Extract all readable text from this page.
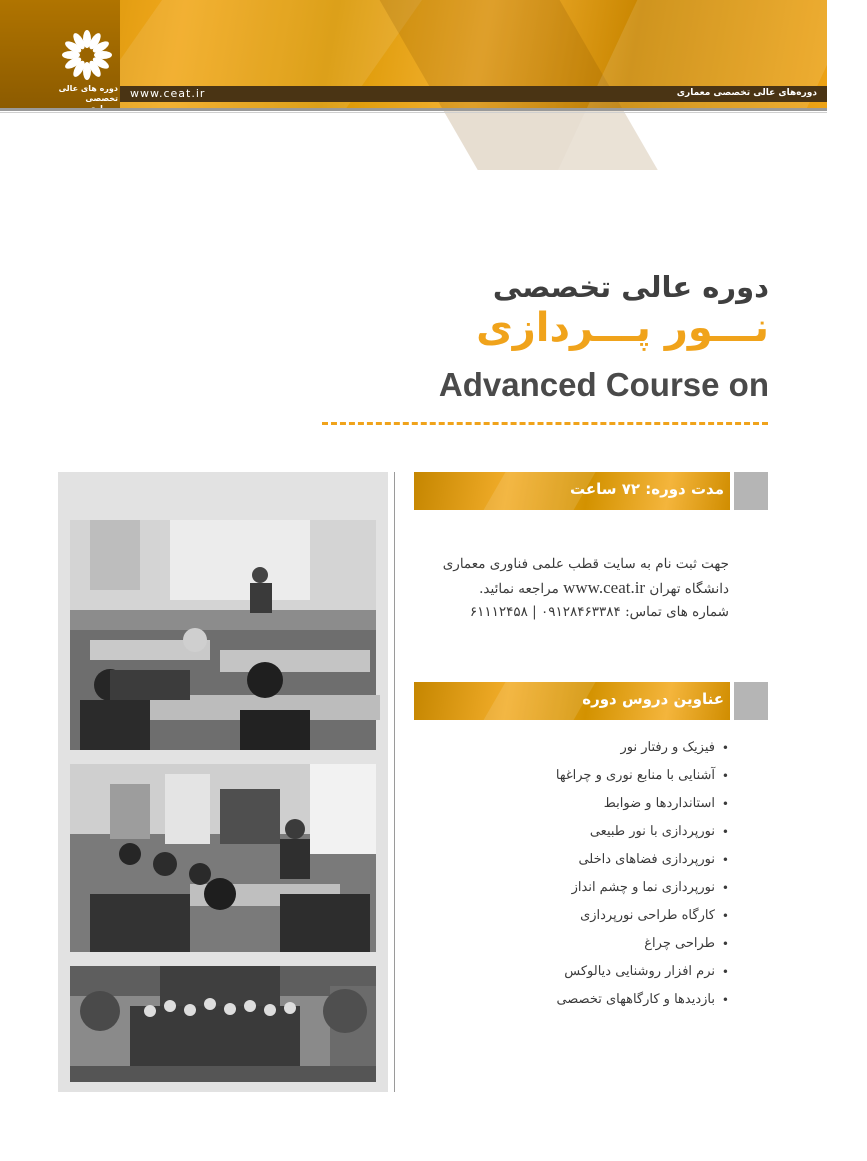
دوره های عالی تخصصی www.ceat.ir	دوره‌های عالی تخصصی معماری
دوره عالی تخصصی
نـــور پـــردازی
Advanced Course on
مدت دوره: ۷۲ ساعت
جهت ثبت نام به سایت قطب علمی فناوری معماری
دانشگاه تهران www.ceat.ir مراجعه نمائید.
شماره های تماس: ۰۹۱۲۸۴۶۳۳۸۴ | ۶۱۱۱۲۴۵۸
عناوین دروس دوره
• فیزیک و رفتار نور
• آشنایی با منابع نوری و چراغها
• استانداردها و ضوابط
• نورپردازی با نور طبیعی
• نورپردازی فضاهای داخلی
• نورپردازی نما و چشم انداز
• کارگاه طراحی نورپردازی
• طراحی چراغ
• نرم افزار روشنایی دیالوکس
• بازدیدها و کارگاههای تخصصی
